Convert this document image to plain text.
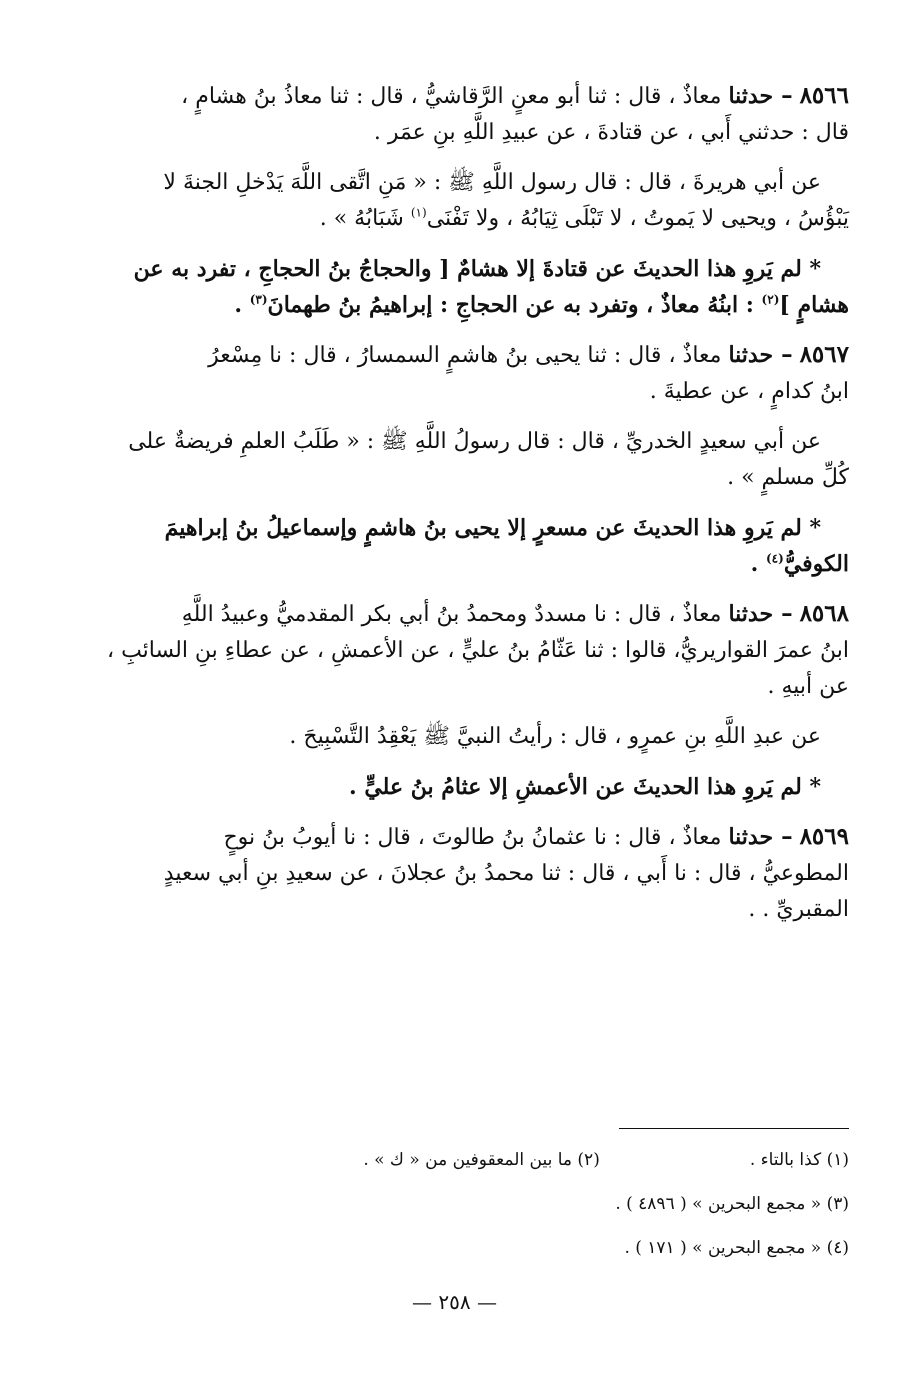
٨٥٦٦ – حدثنا معاذٌ ، قال : ثنا أبو معنٍ الرَّقاشيُّ ، قال : ثنا معاذُ بنُ هشامٍ ،

قال : حدثني أَبي ، عن قتادةَ ، عن عبيدِ اللَّهِ بنِ عمَر .

عن أبي هريرةَ ، قال : قال رسول اللَّهِ ﷺ : « مَنِ اتَّقى اللَّهَ يَدْخلِ الجنةَ لا

يَبْؤُسُ ، ويحيى لا يَموتُ ، لا تَبْلَى ثِيَابُهُ ، ولا تَفْنَى$^{(١)}$ شَبَابُهُ » .

* لم يَروِ هذا الحديثَ عن قتادةَ إلا هشامٌ [ والحجاجُ بنُ الحجاجِ ، تفرد به عن

هشامٍ ]$^{(٢)}$ : ابنُهُ معاذٌ ، وتفرد به عن الحجاجِ : إبراهيمُ بنُ طهمانَ$^{(٣)}$ .

٨٥٦٧ – حدثنا معاذٌ ، قال : ثنا يحيى بنُ هاشمٍ السمسارُ ، قال : نا مِسْعرُ

ابنُ كدامٍ ، عن عطيةَ .

عن أبي سعيدٍ الخدريِّ ، قال : قال رسولُ اللَّهِ ﷺ : « طَلَبُ العلمِ فريضةٌ على

كُلِّ مسلمٍ » .

* لم يَروِ هذا الحديثَ عن مسعرٍ إلا يحيى بنُ هاشمٍ وإسماعيلُ بنُ إبراهيمَ

الكوفيُّ$^{(٤)}$ .

٨٥٦٨ – حدثنا معاذٌ ، قال : نا مسددٌ ومحمدُ بنُ أبي بكر المقدميُّ وعبيدُ اللَّهِ

ابنُ عمرَ القواريريُّ، قالوا : ثنا عَثّامُ بنُ عليٍّ ، عن الأعمشِ ، عن عطاءِ بنِ السائبِ ،

عن أبيهِ .

عن عبدِ اللَّهِ بنِ عمرٍو ، قال : رأيتُ النبيَّ ﷺ يَعْقِدُ التَّسْبِيحَ .

* لم يَروِ هذا الحديثَ عن الأعمشِ إلا عثامُ بنُ عليٍّ .

٨٥٦٩ – حدثنا معاذٌ ، قال : نا عثمانُ بنُ طالوتَ ، قال : نا أيوبُ بنُ نوحٍ

المطوعيُّ ، قال : نا أَبي ، قال : ثنا محمدُ بنُ عجلانَ ، عن سعيدِ بنِ أبي سعيدٍ

المقبريِّ . .

(١) كذا بالتاء .
(٢) ما بين المعقوفين من « ك » .
(٣) « مجمع البحرين » ( ٤٨٩٦ ) .
(٤) « مجمع البحرين » ( ١٧١ ) .
— ٢٥٨ —
